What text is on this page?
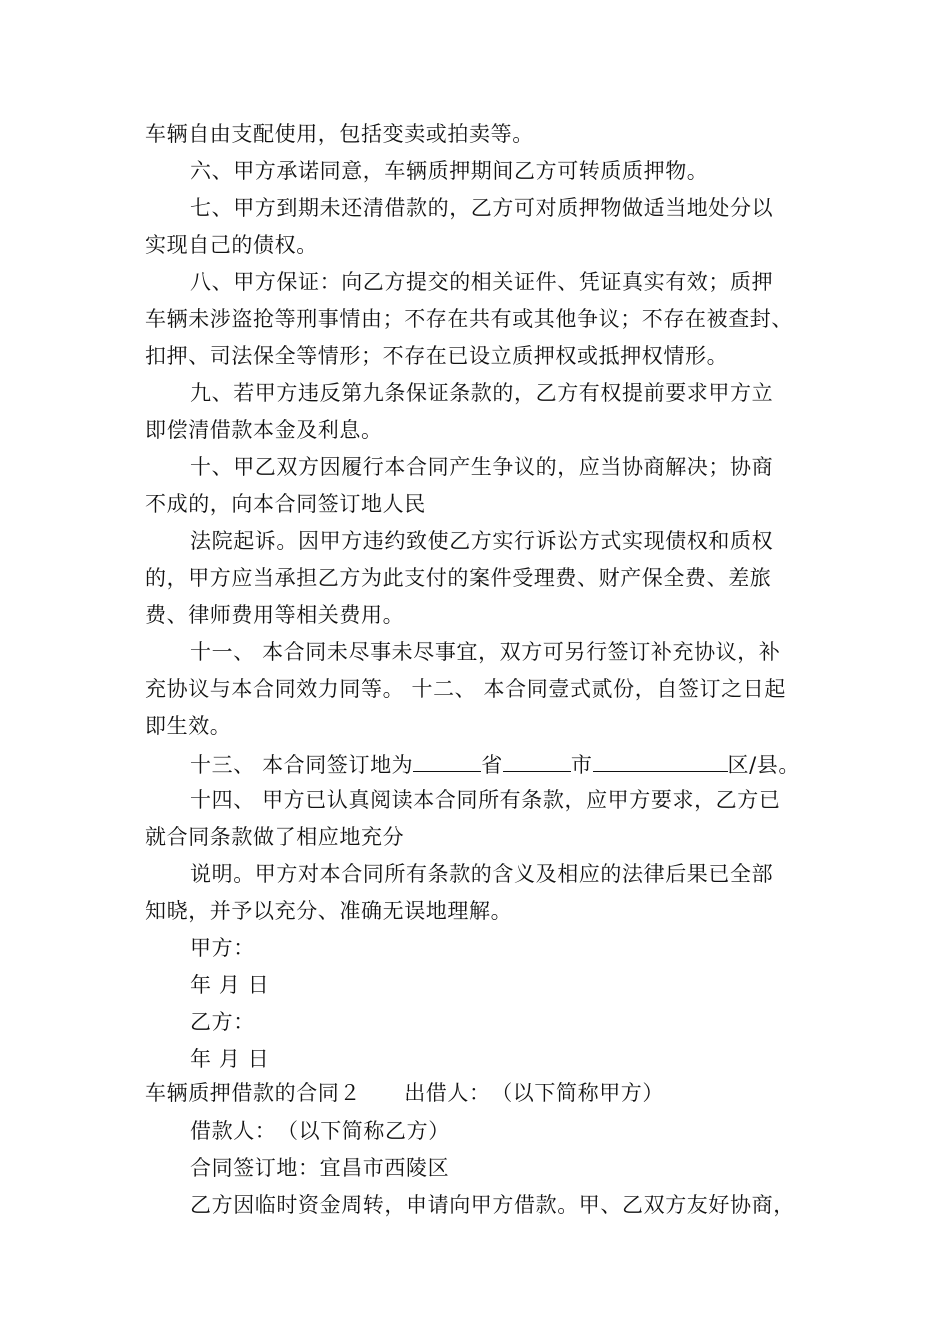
车辆自由支配使用，包括变卖或拍卖等。
六、甲方承诺同意，车辆质押期间乙方可转质质押物。
七、甲方到期未还清借款的，乙方可对质押物做适当地处分以
实现自己的债权。
八、甲方保证：向乙方提交的相关证件、凭证真实有效；质押
车辆未涉盗抢等刑事情由；不存在共有或其他争议；不存在被查封、
扣押、司法保全等情形；不存在已设立质押权或抵押权情形。
九、若甲方违反第九条保证条款的，乙方有权提前要求甲方立
即偿清借款本金及利息。
十、甲乙双方因履行本合同产生争议的，应当协商解决；协商
不成的，向本合同签订地人民
法院起诉。因甲方违约致使乙方实行诉讼方式实现债权和质权
的，甲方应当承担乙方为此支付的案件受理费、财产保全费、差旅
费、律师费用等相关费用。
十一、 本合同未尽事未尽事宜，双方可另行签订补充协议，补
充协议与本合同效力同等。 十二、 本合同壹式贰份，自签订之日起
即生效。
十三、 本合同签订地为	省	市	区/县。
十四、 甲方已认真阅读本合同所有条款，应甲方要求，乙方已
就合同条款做了相应地充分
说明。甲方对本合同所有条款的含义及相应的法律后果已全部
知晓，并予以充分、准确无误地理解。
甲方：
年 月 日
乙方：
年 月 日
车辆质押借款的合同２　　出借人：　（以下简称甲方）
借款人：　（以下简称乙方）
合同签订地：宜昌市西陵区
乙方因临时资金周转，申请向甲方借款。甲、乙双方友好协商，
